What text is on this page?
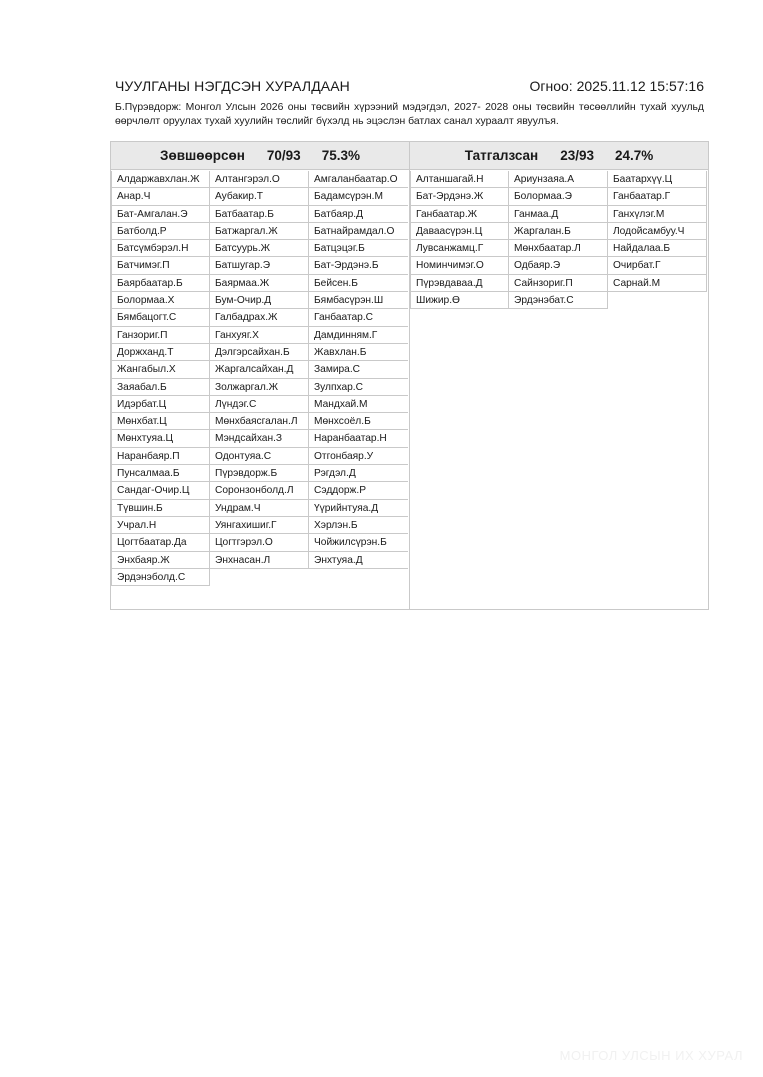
ЧУУЛГАНЫ НЭГДСЭН ХУРАЛДААН	Огноо: 2025.11.12 15:57:16
Б.Пүрэвдорж: Монгол Улсын 2026 оны төсвийн хүрээний мэдэгдэл, 2027- 2028 оны төсвийн төсөөллийн тухай хуульд өөрчлөлт оруулах тухай хуулийн төслийг бүхэлд нь эцэслэн батлах санал хураалт явуулъя.
Зөвшөөрсөн 70/93 75.3%
Алдаржавхлан.Ж	Алтангэрэл.О	Амгаланбаатар.О
Анар.Ч	Аубакир.Т	Бадамсүрэн.М
Бат-Амгалан.Э	Батбаатар.Б	Батбаяр.Д
Батболд.Р	Батжаргал.Ж	Батнайрамдал.О
Батсүмбэрэл.Н	Батсуурь.Ж	Батцэцэг.Б
Батчимэг.П	Батшугар.Э	Бат-Эрдэнэ.Б
Баярбаатар.Б	Баярмаа.Ж	Бейсен.Б
Болормаа.Х	Бум-Очир.Д	Бямбасүрэн.Ш
Бямбацогт.С	Галбадрах.Ж	Ганбаатар.С
Ганзориг.П	Ганхуяг.Х	Дамдинням.Г
Доржханд.Т	Дэлгэрсайхан.Б	Жавхлан.Б
Жангабыл.Х	Жаргалсайхан.Д	Замира.С
Заяабал.Б	Золжаргал.Ж	Зулпхар.С
Идэрбат.Ц	Лүндэг.С	Мандхай.М
Мөнхбат.Ц	Мөнхбаясгалан.Л	Мөнхсоёл.Б
Мөнхтуяа.Ц	Мэндсайхан.З	Наранбаатар.Н
Наранбаяр.П	Одонтуяа.С	Отгонбаяр.У
Пунсалмаа.Б	Пүрэвдорж.Б	Рэгдэл.Д
Сандаг-Очир.Ц	Соронзонболд.Л	Сэддорж.Р
Түвшин.Б	Ундрам.Ч	Үүрийнтуяа.Д
Учрал.Н	Уянгахишиг.Г	Хэрлэн.Б
Цогтбаатар.Да	Цогтгэрэл.О	Чойжилсүрэн.Б
Энхбаяр.Ж	Энхнасан.Л	Энхтуяа.Д
Эрдэнэболд.С
Татгалзсан 23/93 24.7%
Алтаншагай.Н	Ариунзаяа.А	Баатархүү.Ц
Бат-Эрдэнэ.Ж	Болормаа.Э	Ганбаатар.Г
Ганбаатар.Ж	Ганмаа.Д	Ганхүлэг.М
Даваасүрэн.Ц	Жаргалан.Б	Лодойсамбуу.Ч
Лувсанжамц.Г	Мөнхбаатар.Л	Найдалаа.Б
Номинчимэг.О	Одбаяр.Э	Очирбат.Г
Пүрэвдаваа.Д	Сайнзориг.П	Сарнай.М
Шижир.Ө	Эрдэнэбат.С
МОНГОЛ УЛСЫН ИХ ХУРАЛ
